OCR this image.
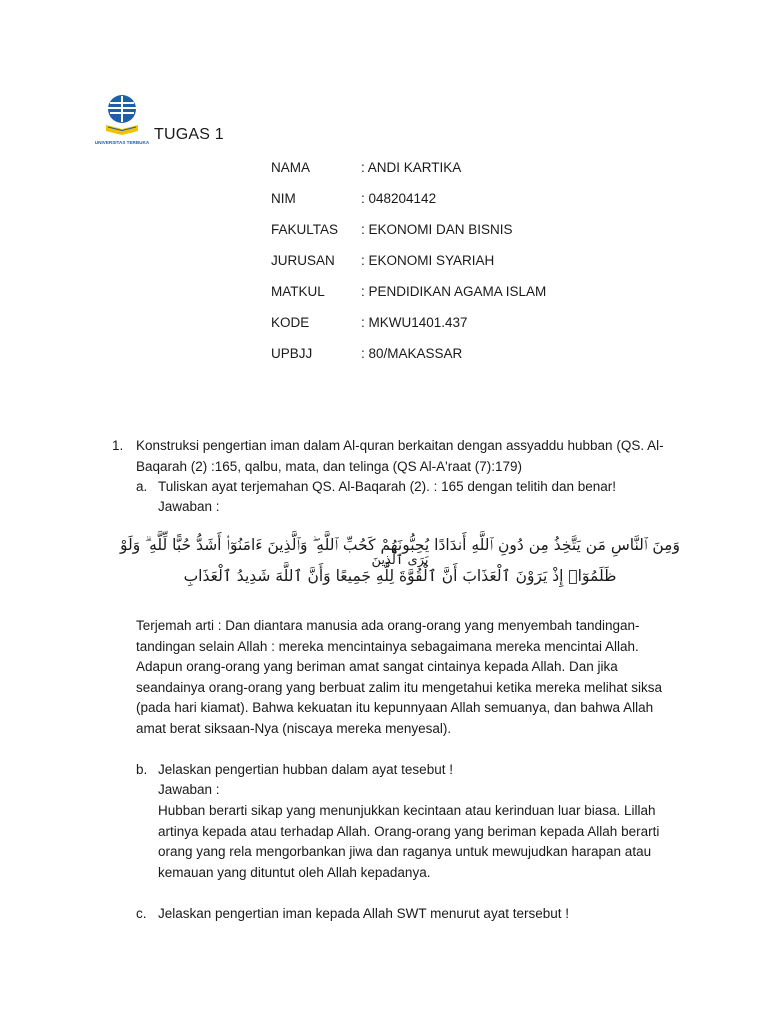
UNIVERSITAS TERBUKA TUGAS 1
NAMA	: ANDI KARTIKA
NIM	: 048204142
FAKULTAS	: EKONOMI DAN BISNIS
JURUSAN	: EKONOMI SYARIAH
MATKUL	: PENDIDIKAN AGAMA ISLAM
KODE	: MKWU1401.437
UPBJJ	: 80/MAKASSAR
1. Konstruksi pengertian iman dalam Al-quran berkaitan dengan assyaddu hubban (QS. Al-Baqarah (2) :165, qalbu, mata, dan telinga (QS Al-A'raat (7):179)
a. Tuliskan ayat terjemahan QS. Al-Baqarah (2). : 165 dengan telitih dan benar!
Jawaban :
وَمِنَ ٱلنَّاسِ مَن يَتَّخِذُ مِن دُونِ ٱللَّهِ أَندَادًا يُحِبُّونَهُمْ كَحُبِّ ٱللَّهِ ۖ وَٱلَّذِينَ ءَامَنُوٓا۟ أَشَدُّ حُبًّا لِّلَّهِ ۗ وَلَوْ
يَرَى ٱلَّذِينَ
ظَلَمُوٓا۟ إِذْ يَرَوْنَ ٱلْعَذَابَ أَنَّ ٱلْقُوَّةَ لِلَّهِ جَمِيعًا وَأَنَّ ٱللَّهَ شَدِيدُ ٱلْعَذَابِ
Terjemah arti : Dan diantara manusia ada orang-orang yang menyembah tandingan-tandingan selain Allah : mereka mencintainya sebagaimana mereka mencintai Allah. Adapun orang-orang yang beriman amat sangat cintainya kepada Allah. Dan jika seandainya orang-orang yang berbuat zalim itu mengetahui ketika mereka melihat siksa (pada hari kiamat). Bahwa kekuatan itu kepunnyaan Allah semuanya, dan bahwa Allah amat berat siksaan-Nya (niscaya mereka menyesal).
b. Jelaskan pengertian hubban dalam ayat tesebut !
Jawaban :
Hubban berarti sikap yang menunjukkan kecintaan atau kerinduan luar biasa. Lillah artinya kepada atau terhadap Allah. Orang-orang yang beriman kepada Allah berarti orang yang rela mengorbankan jiwa dan raganya untuk mewujudkan harapan atau kemauan yang dituntut oleh Allah kepadanya.
c. Jelaskan pengertian iman kepada Allah SWT menurut ayat tersebut !
